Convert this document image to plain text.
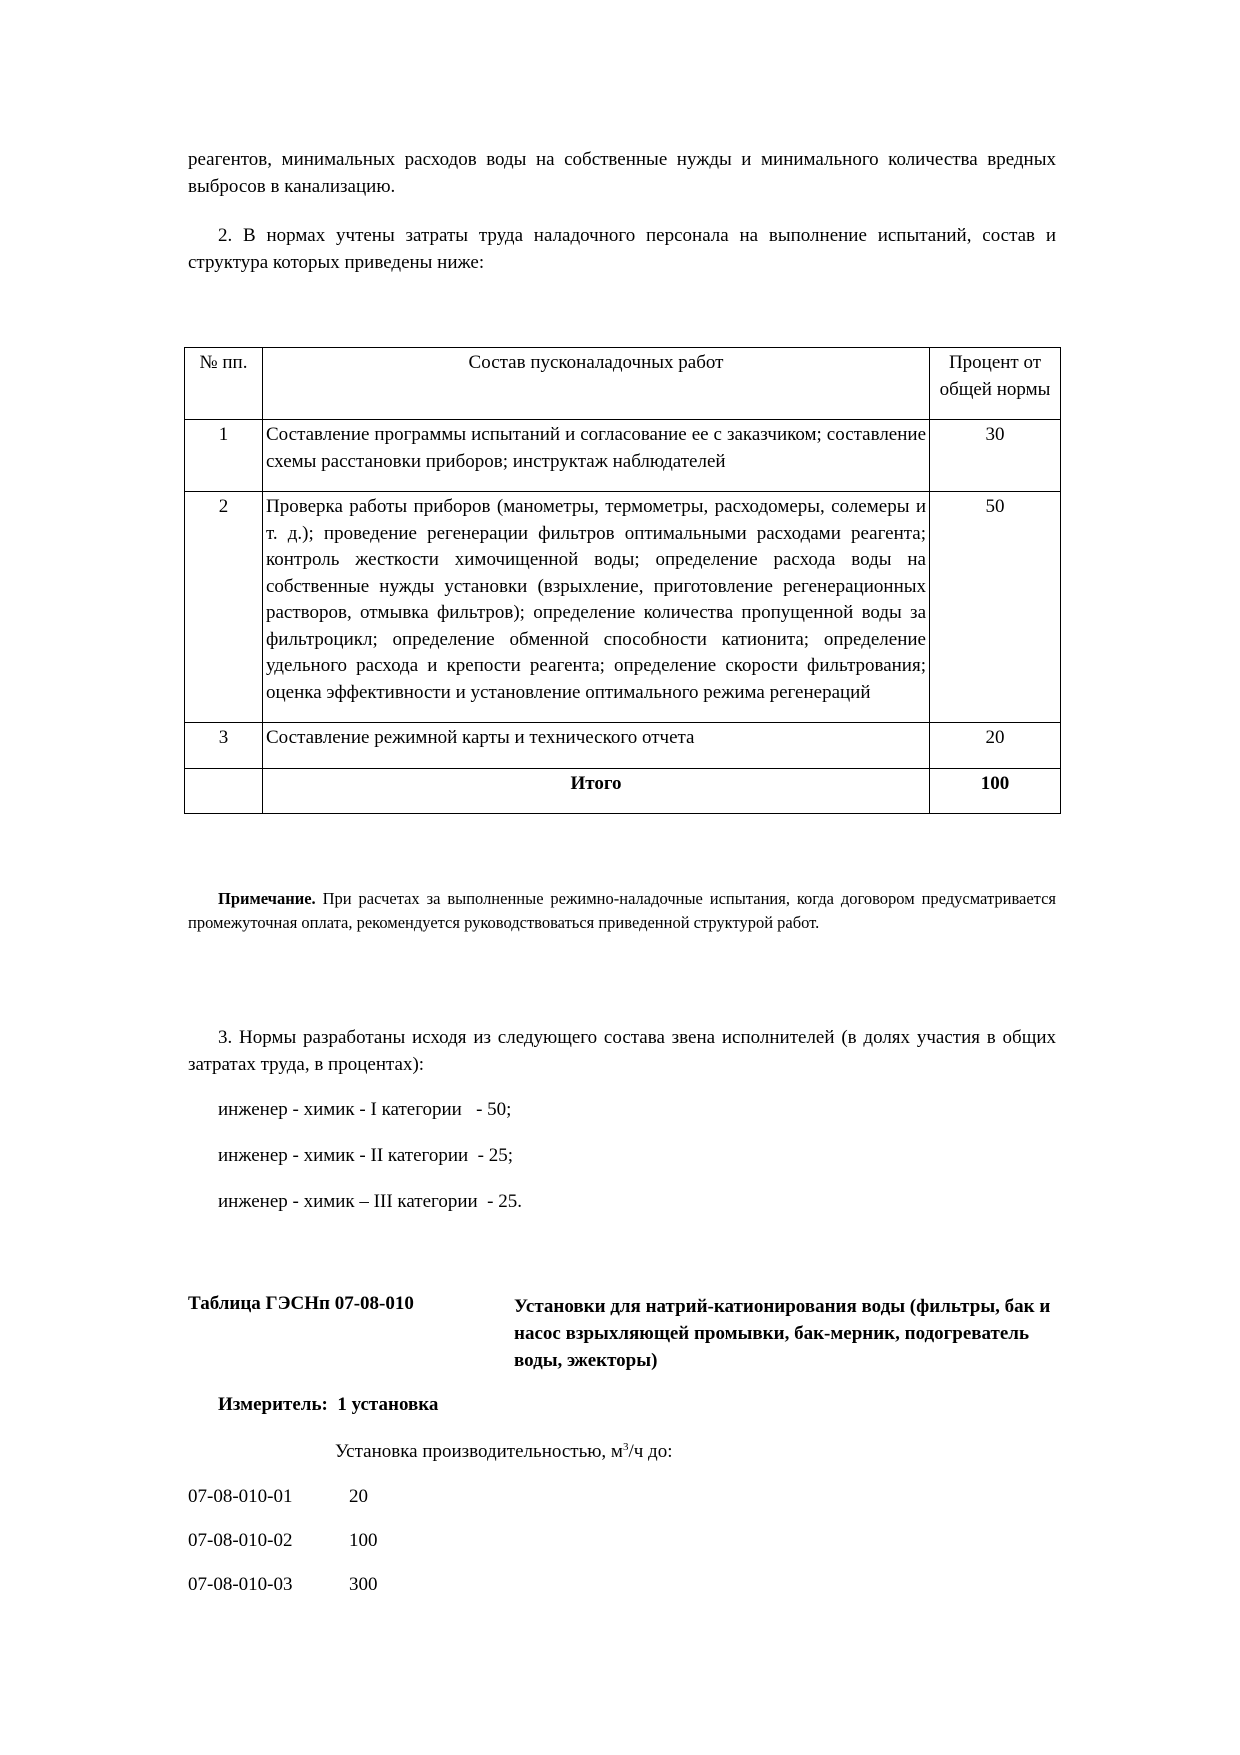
реагентов, минимальных расходов воды на собственные нужды и минимального количества вредных выбросов в канализацию.

2. В нормах учтены затраты труда наладочного персонала на выполнение испытаний, состав и структура которых приведены ниже:

№ пп.	Состав пусконаладочных работ	Процент от общей нормы
1	Составление программы испытаний и согласование ее с заказчиком; составление схемы расстановки приборов; инструктаж наблюдателей	30
2	Проверка работы приборов (манометры, термометры, расходомеры, солемеры и т. д.); проведение регенерации фильтров оптимальными расходами реагента; контроль жесткости химочищенной воды; определение расхода воды на собственные нужды установки (взрыхление, приготовление регенерационных растворов, отмывка фильтров); определение количества пропущенной воды за фильтроцикл; определение обменной способности катионита; определение удельного расхода и крепости реагента; определение скорости фильтрования; оценка эффективности и установление оптимального режима регенераций	50
3	Составление режимной карты и технического отчета	20
	Итого	100

Примечание. При расчетах за выполненные режимно-наладочные испытания, когда договором предусматривается промежуточная оплата, рекомендуется руководствоваться приведенной структурой работ.

3. Нормы разработаны исходя из следующего состава звена исполнителей (в долях участия в общих затратах труда, в процентах):

инженер - химик - I категории   - 50;
инженер - химик - II категории  - 25;
инженер - химик – III категории  - 25.
Таблица ГЭСНп 07-08-010	Установки для натрий-катионирования воды (фильтры, бак и насос взрыхляющей промывки, бак-мерник, подогреватель воды, эжекторы)
Измеритель:  1 установка
Установка производительностью, $м^3/ч$ до:
07-08-010-01	20
07-08-010-02	100
07-08-010-03	300
